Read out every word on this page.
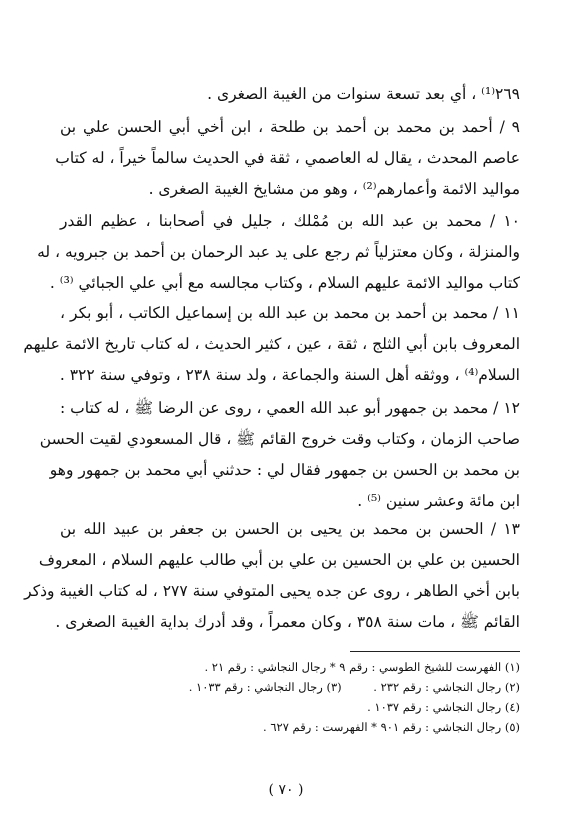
٢٦٩⁽¹⁾ ، أي بعد تسعة سنوات من الغيبة الصغرى .
٩ / أحمد بن محمد بن أحمد بن طلحة ، ابن أخي أبي الحسن علي بن
عاصم المحدث ، يقال له العاصمي ، ثقة في الحديث سالماً خيراً ، له كتاب
مواليد الائمة وأعمارهم⁽²⁾ ، وهو من مشايخ الغيبة الصغرى .
١٠ / محمد بن عبد الله بن مُمْلك ، جليل في أصحابنا ، عظيم القدر
والمنزلة ، وكان معتزلياً ثم رجع على يد عبد الرحمان بن أحمد بن جبرويه ، له
كتاب مواليد الائمة عليهم السلام ، وكتاب مجالسه مع أبي علي الجبائي ⁽³⁾ .
١١ / محمد بن أحمد بن محمد بن عبد الله بن إسماعيل الكاتب ، أبو بكر ،
المعروف بابن أبي الثلج ، ثقة ، عين ، كثير الحديث ، له كتاب تاريخ الائمة عليهم
السلام⁽⁴⁾ ، ووثقه أهل السنة والجماعة ، ولد سنة ٢٣٨ ، وتوفي سنة ٣٢٢ .
١٢ / محمد بن جمهور أبو عبد الله العمي ، روى عن الرضا ﷺ ، له كتاب :
صاحب الزمان ، وكتاب وقت خروج القائم ﷺ ، قال المسعودي لقيت الحسن
بن محمد بن الحسن بن جمهور فقال لي : حدثني أبي محمد بن جمهور وهو
ابن مائة وعشر سنين ⁽⁵⁾ .
١٣ / الحسن بن محمد بن يحيى بن الحسن بن جعفر بن عبيد الله بن
الحسين بن علي بن الحسين بن علي بن أبي طالب عليهم السلام ، المعروف
بابن أخي الطاهر ، روى عن جده يحيى المتوفي سنة ٢٧٧ ، له كتاب الغيبة وذكر
القائم ﷺ ، مات سنة ٣٥٨ ، وكان معمراً ، وقد أدرك بداية الغيبة الصغرى .
(١) الفهرست للشيخ الطوسي : رقم ٩ * رجال النجاشي : رقم ٢١ .
(٢) رجال النجاشي : رقم ٢٣٢ . (٣) رجال النجاشي : رقم ١٠٣٣ .
(٤) رجال النجاشي : رقم ١٠٣٧ .
(٥) رجال النجاشي : رقم ٩٠١ * الفهرست : رقم ٦٢٧ .
( ٧٠ )
